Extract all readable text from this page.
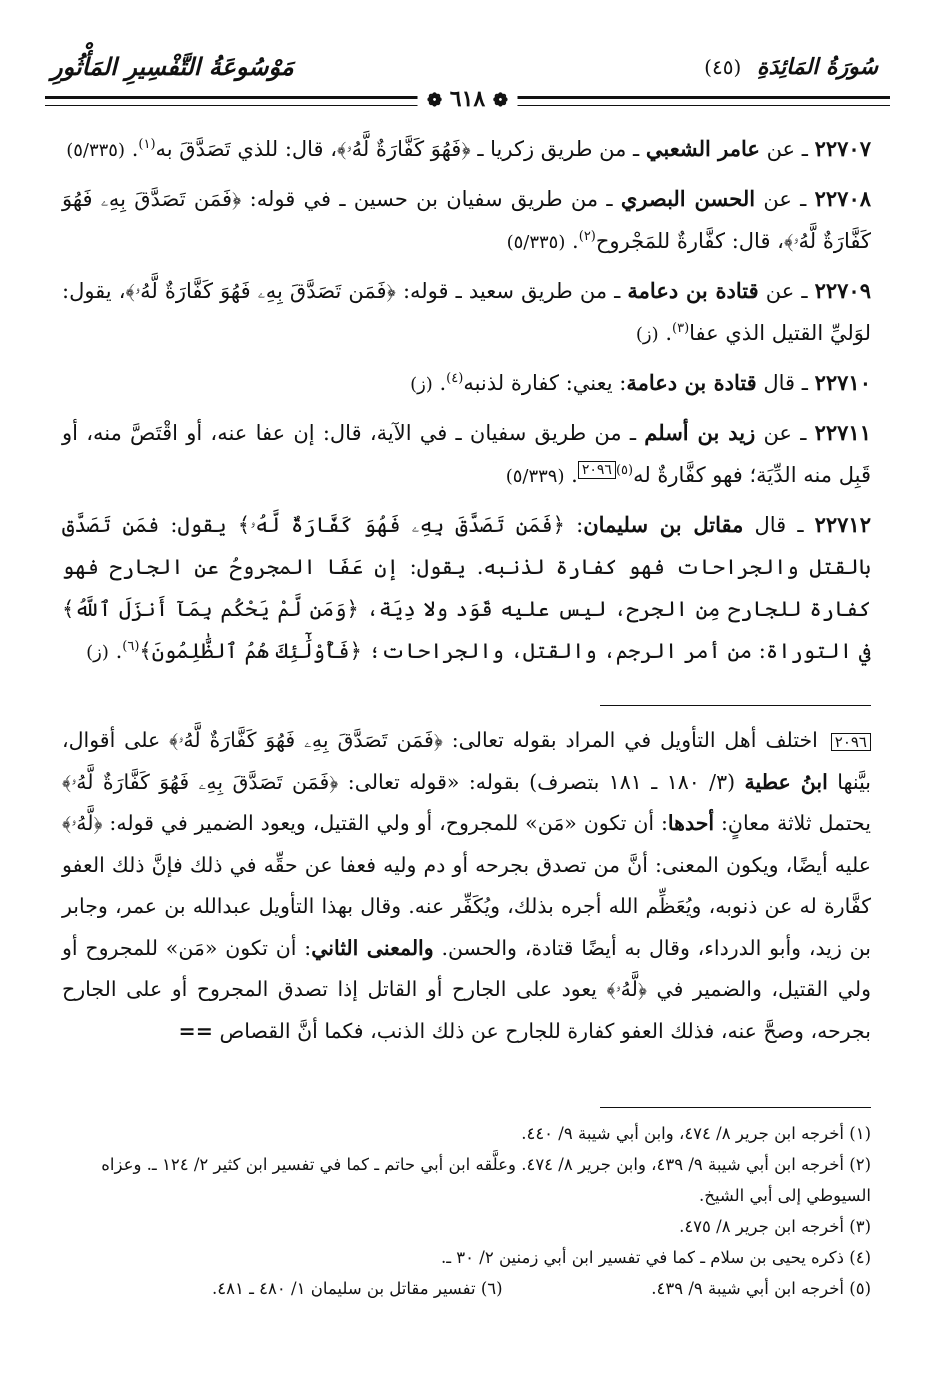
سُورَةُ المَائِدَةِ (٤٥)
مَوْسُوعَةُ التَّفْسِيرِ المَأْثُورِ
❁ ٦١٨ ❁

٢٢٧٠٧ ـ عن عامر الشعبي ـ من طريق زكريا ـ ﴿فَهُوَ كَفَّارَةٌ لَّهُۥ﴾، قال: للذي تَصَدَّقَ به$^{(١)}$. (٥/٣٣٥)

٢٢٧٠٨ ـ عن الحسن البصري ـ من طريق سفيان بن حسين ـ في قوله: ﴿فَمَن تَصَدَّقَ بِهِۦ فَهُوَ كَفَّارَةٌ لَّهُۥ﴾، قال: كفَّارةٌ للمَجْروح$^{(٢)}$. (٥/٣٣٥)

٢٢٧٠٩ ـ عن قتادة بن دعامة ـ من طريق سعيد ـ قوله: ﴿فَمَن تَصَدَّقَ بِهِۦ فَهُوَ كَفَّارَةٌ لَّهُۥ﴾، يقول: لوَليِّ القتيل الذي عفا$^{(٣)}$. (ز)

٢٢٧١٠ ـ قال قتادة بن دعامة: يعني: كفارة لذنبه$^{(٤)}$. (ز)

٢٢٧١١ ـ عن زيد بن أسلم ـ من طريق سفيان ـ في الآية، قال: إن عفا عنه، أو اقْتَصَّ منه، أو قَبِل منه الدِّيَة؛ فهو كفَّارةٌ له$^{(٥)}$٢٠٩٦. (٥/٣٣٩)

٢٢٧١٢ ـ قال مقاتل بن سليمان: ﴿فَمَن تَصَدَّقَ بِهِۦ فَهُوَ كَفَّارَةٌ لَّهُۥ﴾ يقول: فمَن تَصَدَّق بالقتل والجراحات فهو كفارة لذنبه. يقول: إن عَفَا المجروحُ عن الجارح فهو كفارة للجارح مِن الجرح، ليس عليه قَوَد ولا دِيَة، ﴿وَمَن لَّمْ يَحْكُم بِمَآ أَنزَلَ ٱللَّهُ﴾ في التوراة: من أمر الرجم، والقتل، والجراحات؛ ﴿فَأُوْلَٰٓئِكَ هُمُ ٱلظَّٰلِمُونَ﴾$^{(٦)}$. (ز)

٢٠٩٦ اختلف أهل التأويل في المراد بقوله تعالى: ﴿فَمَن تَصَدَّقَ بِهِۦ فَهُوَ كَفَّارَةٌ لَّهُۥ﴾ على أقوال، بيَّنها ابنُ عطية (٣/ ١٨٠ ـ ١٨١ بتصرف) بقوله: «قوله تعالى: ﴿فَمَن تَصَدَّقَ بِهِۦ فَهُوَ كَفَّارَةٌ لَّهُۥ﴾ يحتمل ثلاثة معانٍ: أحدها: أن تكون «مَن» للمجروح، أو ولي القتيل، ويعود الضمير في قوله: ﴿لَّهُۥ﴾ عليه أيضًا، ويكون المعنى: أنَّ من تصدق بجرحه أو دم وليه فعفا عن حقِّه في ذلك فإنَّ ذلك العفو كفَّارة له عن ذنوبه، ويُعَظِّم الله أجره بذلك، ويُكَفِّر عنه. وقال بهذا التأويل عبدالله بن عمر، وجابر بن زيد، وأبو الدرداء، وقال به أيضًا قتادة، والحسن. والمعنى الثاني: أن تكون «مَن» للمجروح أو ولي القتيل، والضمير في ﴿لَّهُۥ﴾ يعود على الجارح أو القاتل إذا تصدق المجروح أو على الجارح بجرحه، وصحَّ عنه، فذلك العفو كفارة للجارح عن ذلك الذنب، فكما أنَّ القصاص ==
(١) أخرجه ابن جرير ٨/ ٤٧٤، وابن أبي شيبة ٩/ ٤٤٠.
(٢) أخرجه ابن أبي شيبة ٩/ ٤٣٩، وابن جرير ٨/ ٤٧٤. وعلَّقه ابن أبي حاتم ـ كما في تفسير ابن كثير ٢/ ١٢٤ ـ. وعزاه السيوطي إلى أبي الشيخ.
(٣) أخرجه ابن جرير ٨/ ٤٧٥.
(٤) ذكره يحيى بن سلام ـ كما في تفسير ابن أبي زمنين ٢/ ٣٠ ـ.
(٥) أخرجه ابن أبي شيبة ٩/ ٤٣٩.
(٦) تفسير مقاتل بن سليمان ١/ ٤٨٠ ـ ٤٨١.
